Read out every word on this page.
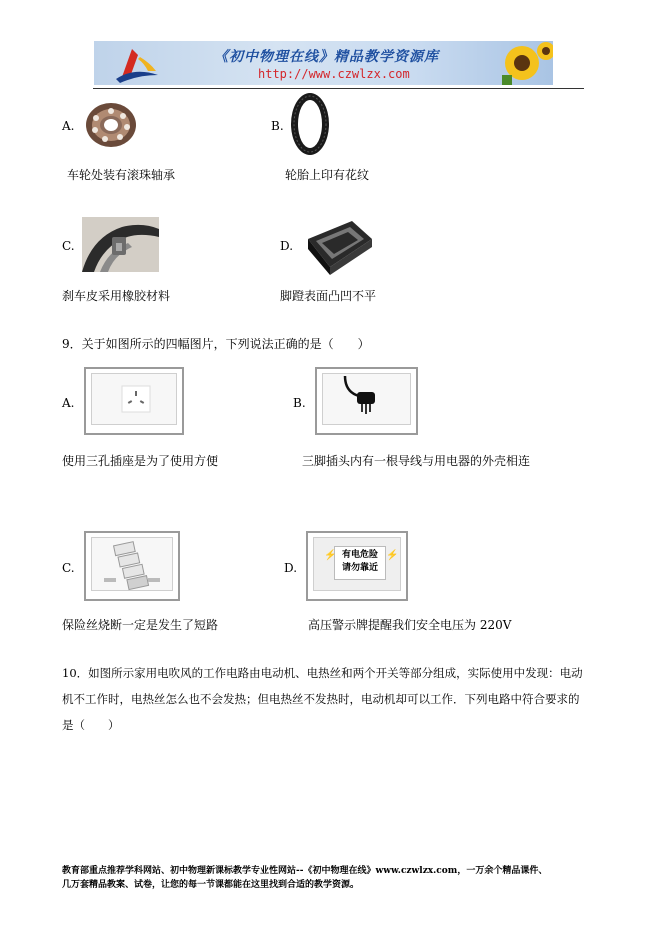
《初中物理在线》精品教学资源库
http://www.czwlzx.com
A.
车轮处装有滚珠轴承
B.
轮胎上印有花纹
C.
刹车皮采用橡胶材料
D.
脚蹬表面凸凹不平
9．关于如图所示的四幅图片，下列说法正确的是（　　）
A.
使用三孔插座是为了使用方便
B.
三脚插头内有一根导线与用电器的外壳相连
C.
保险丝烧断一定是发生了短路
D.
有电危险
请勿靠近
⚡	⚡
高压警示牌提醒我们安全电压为 220V
10．如图所示家用电吹风的工作电路由电动机、电热丝和两个开关等部分组成，实际使用中发现：电动
机不工作时，电热丝怎么也不会发热；但电热丝不发热时，电动机却可以工作．下列电路中符合要求的
是（　　）
教育部重点推荐学科网站、初中物理新课标教学专业性网站--《初中物理在线》www.czwlzx.com，一万余个精品课件、
几万套精品教案、试卷，让您的每一节课都能在这里找到合适的教学资源。
